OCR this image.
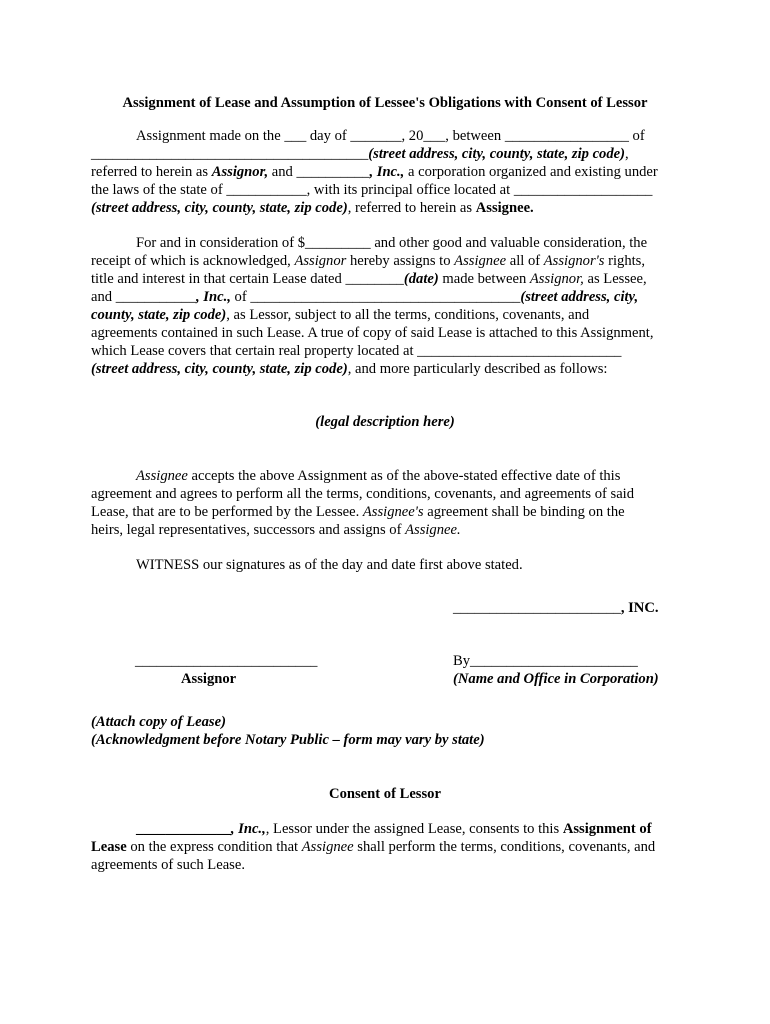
Assignment of Lease and Assumption of Lessee's Obligations with Consent of Lessor
Assignment made on the ___ day of _______, 20___, between _________________ of
______________________________________(street address, city, county, state, zip code),
referred to herein as Assignor, and __________, Inc., a corporation organized and existing under
the laws of the state of ___________, with its principal office located at ___________________
(street address, city, county, state, zip code), referred to herein as Assignee.
For and in consideration of $_________ and other good and valuable consideration, the
receipt of which is acknowledged, Assignor hereby assigns to Assignee all of Assignor's rights,
title and interest in that certain Lease dated ________(date) made between Assignor, as Lessee,
and ___________, Inc., of _____________________________________(street address, city,
county, state, zip code), as Lessor, subject to all the terms, conditions, covenants, and
agreements contained in such Lease. A true of copy of said Lease is attached to this Assignment,
which Lease covers that certain real property located at ____________________________
(street address, city, county, state, zip code), and more particularly described as follows:
(legal description here)
Assignee accepts the above Assignment as of the above-stated effective date of this
agreement and agrees to perform all the terms, conditions, covenants, and agreements of said
Lease, that are to be performed by the Lessee. Assignee's agreement shall be binding on the
heirs, legal representatives, successors and assigns of Assignee.
WITNESS our signatures as of the day and date first above stated.
_______________________, INC.
_________________________
Assignor
By_______________________
(Name and Office in Corporation)
(Attach copy of Lease)
(Acknowledgment before Notary Public – form may vary by state)
Consent of Lessor
_____________, Inc.,, Lessor under the assigned Lease, consents to this Assignment of
Lease on the express condition that Assignee shall perform the terms, conditions, covenants, and
agreements of such Lease.
